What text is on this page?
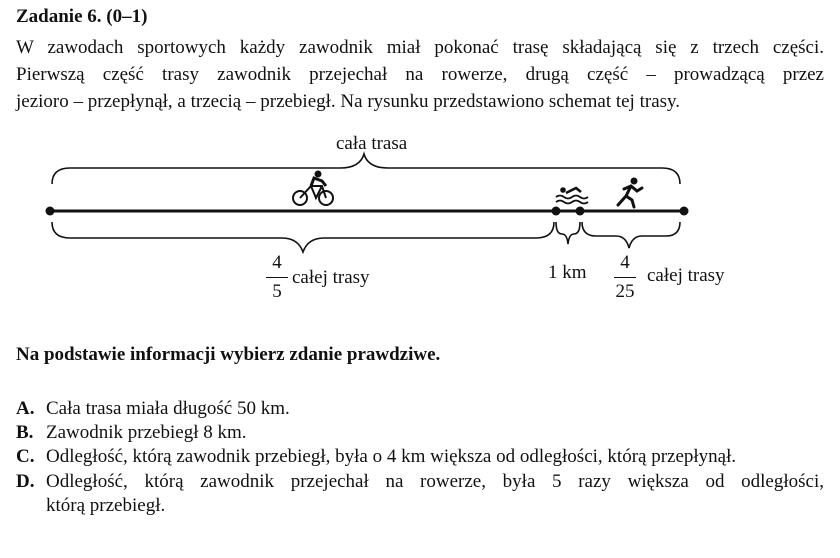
Zadanie 6. (0–1)
W zawodach sportowych każdy zawodnik miał pokonać trasę składającą się z trzech części.
Pierwszą część trasy zawodnik przejechał na rowerze, drugą część – prowadzącą przez
jezioro – przepłynął, a trzecią – przebiegł. Na rysunku przedstawiono schemat tej trasy.
cała trasa
4
5
całej trasy	1 km	4
25
całej trasy
Na podstawie informacji wybierz zdanie prawdziwe.
A. Cała trasa miała długość 50 km.
B. Zawodnik przebiegł 8 km.
C. Odległość, którą zawodnik przebiegł, była o 4 km większa od odległości, którą przepłynął.
D. Odległość, którą zawodnik przejechał na rowerze, była 5 razy większa od odległości,
którą przebiegł.
